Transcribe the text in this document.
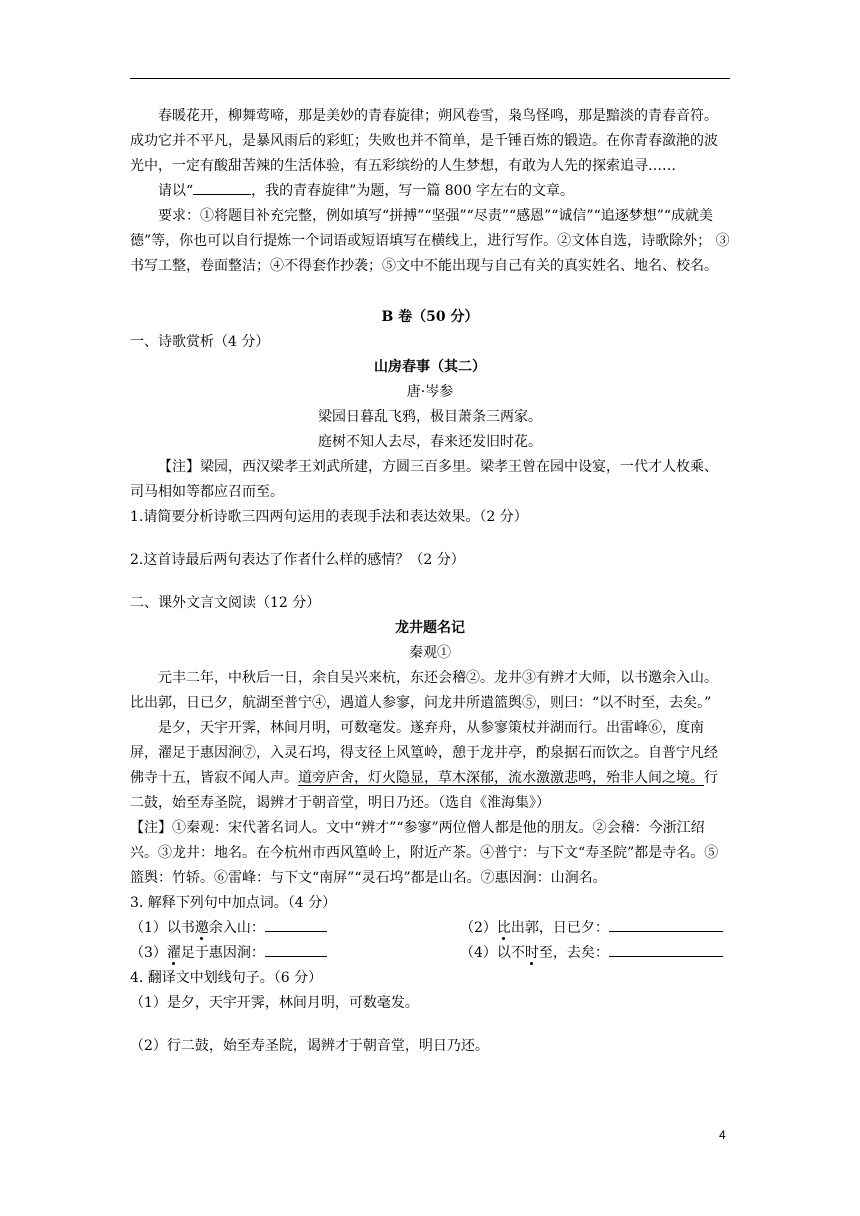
春暖花开，柳舞莺啼，那是美妙的青春旋律；朔风卷雪，枭鸟怪鸣，那是黯淡的青春音符。成功它并不平凡，是暴风雨后的彩虹；失败也并不简单，是千锤百炼的锻造。在你青春潋滟的波光中，一定有酸甜苦辣的生活体验，有五彩缤纷的人生梦想，有敢为人先的探索追寻……

请以“	，我的青春旋律”为题，写一篇 800 字左右的文章。

要求：①将题目补充完整，例如填写“拼搏”“坚强”“尽责”“感恩”“诚信”“追逐梦想”“成就美德”等，你也可以自行提炼一个词语或短语填写在横线上，进行写作。②文体自选，诗歌除外； ③书写工整，卷面整洁；④不得套作抄袭；⑤文中不能出现与自己有关的真实姓名、地名、校名。

B 卷（50 分）

一、诗歌赏析（4 分）

山房春事（其二）

唐·岑参

梁园日暮乱飞鸦，极目萧条三两家。

庭树不知人去尽，春来还发旧时花。

【注】梁园，西汉梁孝王刘武所建，方圆三百多里。梁孝王曾在园中设宴，一代才人枚乘、司马相如等都应召而至。

1.请简要分析诗歌三四两句运用的表现手法和表达效果。（2 分）

2.这首诗最后两句表达了作者什么样的感情？（2 分）

二、课外文言文阅读（12 分）

龙井题名记

秦观①

元丰二年，中秋后一日，余自吴兴来杭，东还会稽②。龙井③有辨才大师，以书邀余入山。比出郭，日已夕，航湖至普宁④，遇道人参寥，问龙井所遣篮舆⑤，则曰：“以不时至，去矣。”

是夕，天宇开霁，林间月明，可数毫发。遂弃舟，从参寥策杖并湖而行。出雷峰⑥，度南屏，濯足于惠因涧⑦，入灵石坞，得支径上风篁岭，憩于龙井亭，酌泉据石而饮之。自普宁凡经佛寺十五，皆寂不闻人声。道旁庐舍，灯火隐显，草木深郁，流水激激悲鸣，殆非人间之境。行二鼓，始至寿圣院，谒辨才于朝音堂，明日乃还。（选自《淮海集》）

【注】①秦观：宋代著名词人。文中“辨才”“参寥”两位僧人都是他的朋友。②会稽：今浙江绍兴。③龙井：地名。在今杭州市西风篁岭上，附近产茶。④普宁：与下文“寿圣院”都是寺名。⑤篮舆：竹轿。⑥雷峰：与下文“南屏”“灵石坞”都是山名。⑦惠因涧：山涧名。

3. 解释下列句中加点词。（4 分）

（1）以书邀余入山：	（2）比出郭，日已夕：
（3）濯足于惠因涧：	（4）以不时至，去矣：

4. 翻译文中划线句子。（6 分）

（1）是夕，天宇开霁，林间月明，可数毫发。

（2）行二鼓，始至寿圣院，谒辨才于朝音堂，明日乃还。

4
